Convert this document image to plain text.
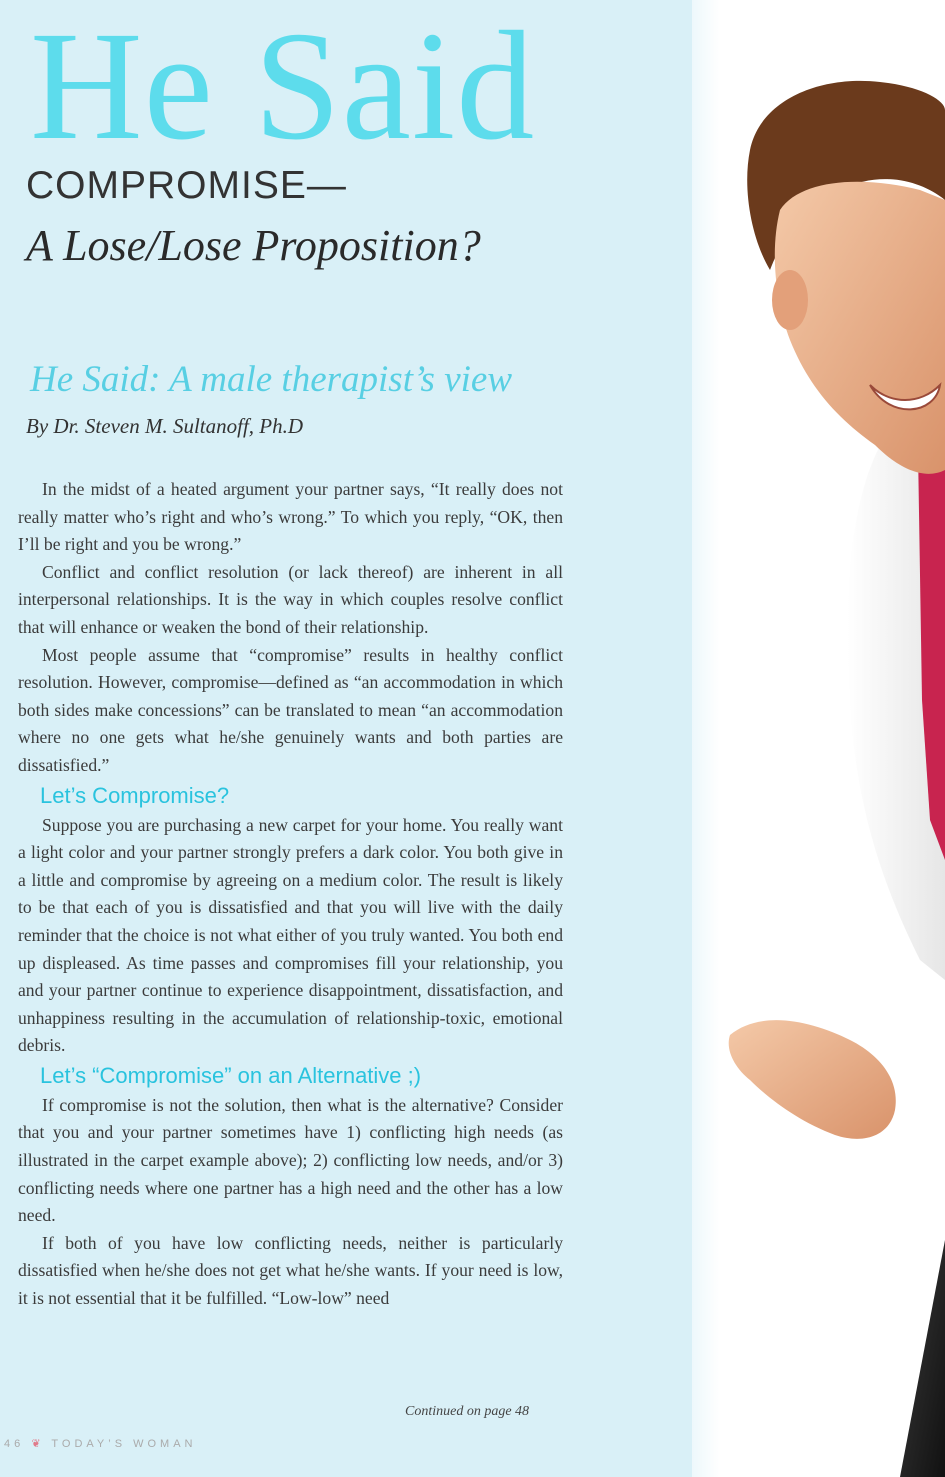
He Said
COMPROMISE—
A Lose/Lose Proposition?
He Said: A male therapist’s view
By Dr. Steven M. Sultanoff, Ph.D

In the midst of a heated argument your partner says, “It really does not really matter who’s right and who’s wrong.” To which you reply, “OK, then I’ll be right and you be wrong.”

Conflict and conflict resolution (or lack thereof) are inherent in all interpersonal relationships. It is the way in which couples resolve conflict that will enhance or weaken the bond of their relationship.

Most people assume that “compromise” results in healthy conflict resolution. However, compromise—defined as “an accommodation in which both sides make concessions” can be translated to mean “an accommodation where no one gets what he/she genuinely wants and both parties are dissatisfied.”

Let’s Compromise?

Suppose you are purchasing a new carpet for your home. You really want a light color and your partner strongly prefers a dark color. You both give in a little and compromise by agreeing on a medium color. The result is likely to be that each of you is dissatisfied and that you will live with the daily reminder that the choice is not what either of you truly wanted. You both end up displeased. As time passes and compromises fill your relationship, you and your partner continue to experience disappointment, dissatisfaction, and unhappiness resulting in the accumulation of relationship-toxic, emotional debris.

Let’s “Compromise” on an Alternative ;)

If compromise is not the solution, then what is the alternative? Consider that you and your partner sometimes have 1) conflicting high needs (as illustrated in the carpet example above); 2) conflicting low needs, and/or 3) conflicting needs where one partner has a high need and the other has a low need.

If both of you have low conflicting needs, neither is particularly dissatisfied when he/she does not get what he/she wants. If your need is low, it is not essential that it be fulfilled. “Low-low” need

Continued on page 48
46 ❦ TODAY’S WOMAN
